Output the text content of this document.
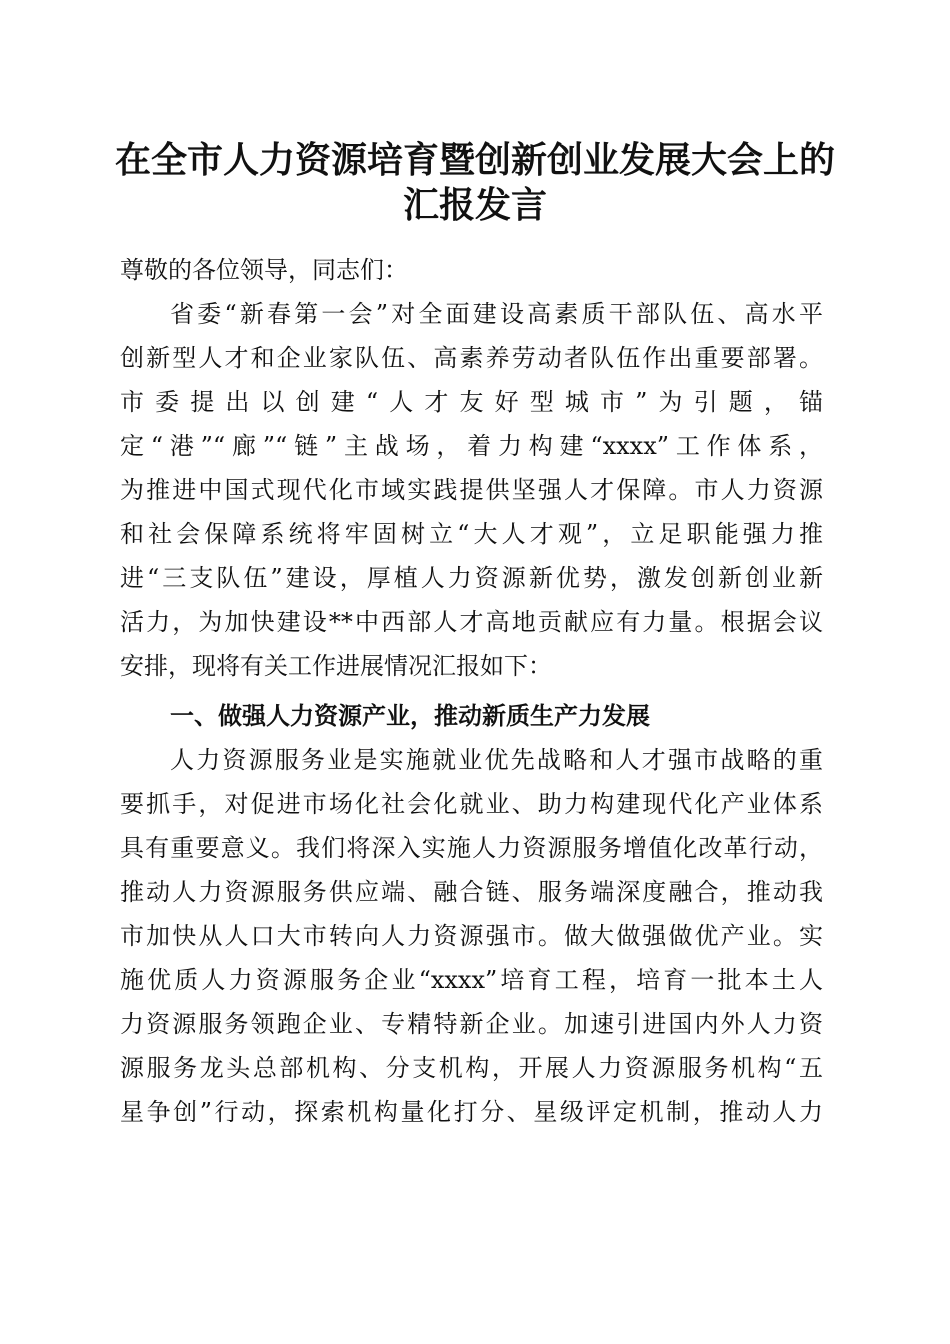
在全市人力资源培育暨创新创业发展大会上的
汇报发言
尊敬的各位领导，同志们：
省委“新春第一会”对全面建设高素质干部队伍、高水平
创新型人才和企业家队伍、高素养劳动者队伍作出重要部署。
市委提出以创建“人才友好型城市”为引题，锚
定“港”“廊”“链”主战场，着力构建“xxxx”工作体系，
为推进中国式现代化市域实践提供坚强人才保障。市人力资源
和社会保障系统将牢固树立“大人才观”，立足职能强力推
进“三支队伍”建设，厚植人力资源新优势，激发创新创业新
活力，为加快建设**中西部人才高地贡献应有力量。根据会议
安排，现将有关工作进展情况汇报如下：
一、做强人力资源产业，推动新质生产力发展
人力资源服务业是实施就业优先战略和人才强市战略的重
要抓手，对促进市场化社会化就业、助力构建现代化产业体系
具有重要意义。我们将深入实施人力资源服务增值化改革行动，
推动人力资源服务供应端、融合链、服务端深度融合，推动我
市加快从人口大市转向人力资源强市。做大做强做优产业。实
施优质人力资源服务企业“xxxx”培育工程，培育一批本土人
力资源服务领跑企业、专精特新企业。加速引进国内外人力资
源服务龙头总部机构、分支机构，开展人力资源服务机构“五
星争创”行动，探索机构量化打分、星级评定机制，推动人力
